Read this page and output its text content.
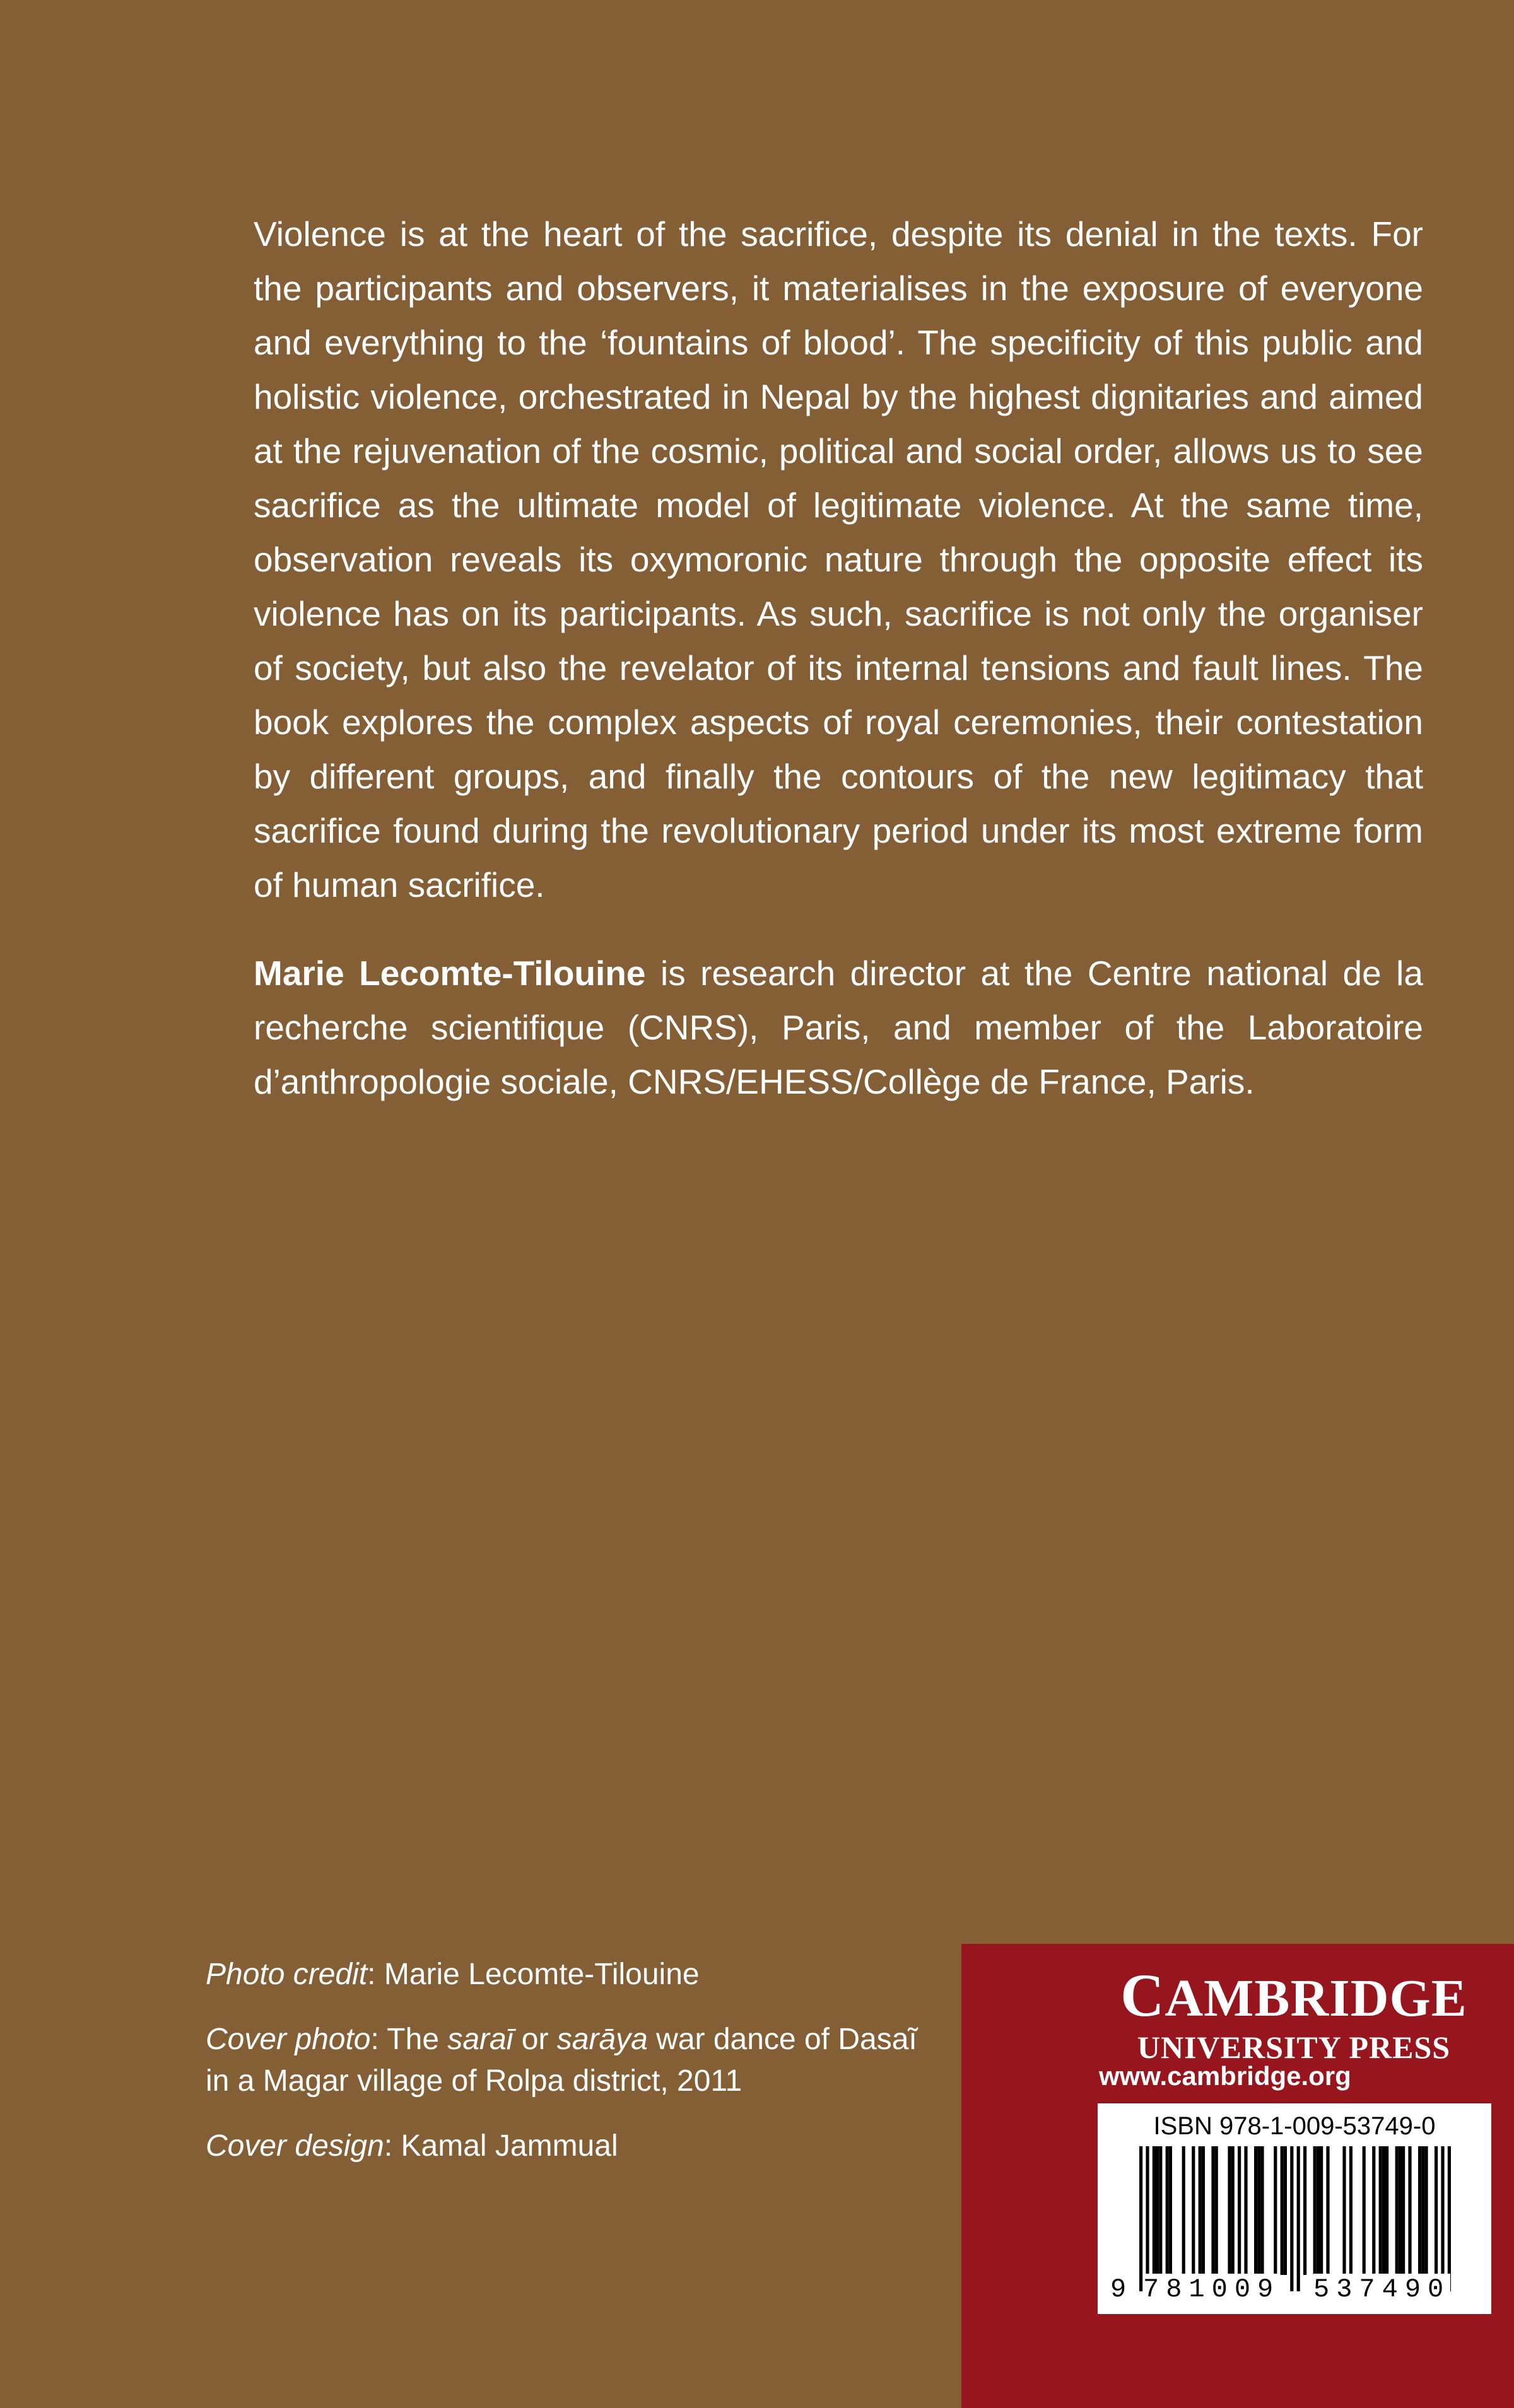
Violence is at the heart of the sacrifice, despite its denial in the texts. For the participants and observers, it materialises in the exposure of everyone and everything to the ‘fountains of blood’. The specificity of this public and holistic violence, orchestrated in Nepal by the highest dignitaries and aimed at the rejuvenation of the cosmic, political and social order, allows us to see sacrifice as the ultimate model of legitimate violence. At the same time, observation reveals its oxymoronic nature through the opposite effect its violence has on its participants. As such, sacrifice is not only the organiser of society, but also the revelator of its internal tensions and fault lines. The book explores the complex aspects of royal ceremonies, their contestation by different groups, and finally the contours of the new legitimacy that sacrifice found during the revolutionary period under its most extreme form of human sacrifice.

Marie Lecomte-Tilouine is research director at the Centre national de la recherche scientifique (CNRS), Paris, and member of the Laboratoire d’anthropologie sociale, CNRS/EHESS/Collège de France, Paris.

Photo credit: Marie Lecomte-Tilouine

Cover photo: The saraī or sarāya war dance of Dasaĩ in a Magar village of Rolpa district, 2011

Cover design: Kamal Jammual

CAMBRIDGE
UNIVERSITY PRESS
www.cambridge.org
ISBN 978-1-009-53749-0
9 781009 537490
